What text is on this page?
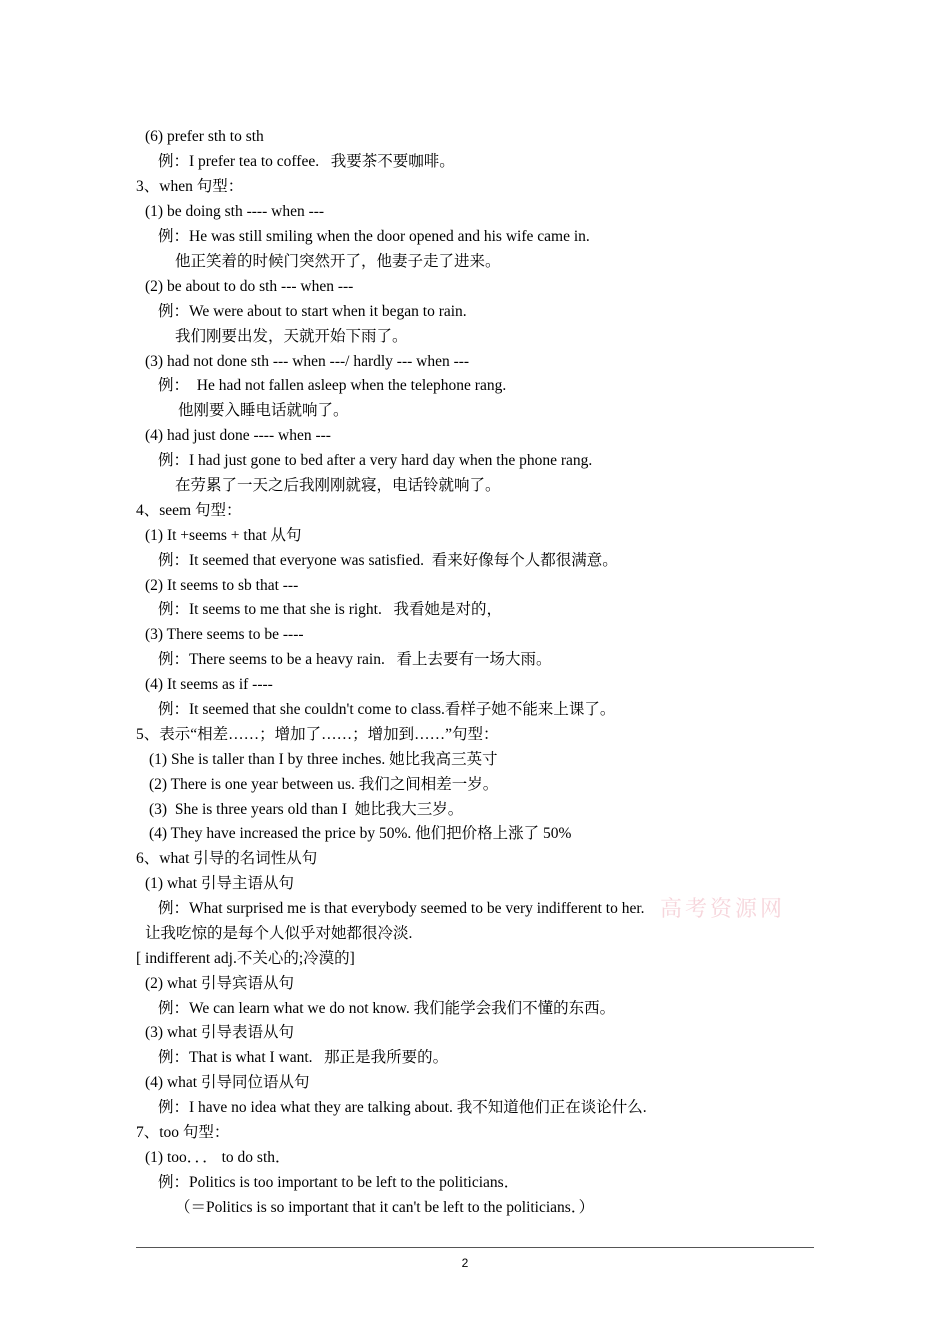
(6) prefer sth to sth
例：I prefer tea to coffee.   我要茶不要咖啡。
3、when 句型：
(1) be doing sth ---- when ---
例：He was still smiling when the door opened and his wife came in.
他正笑着的时候门突然开了，他妻子走了进来。
(2) be about to do sth --- when ---
例：We were about to start when it began to rain.
我们刚要出发，天就开始下雨了。
(3) had not done sth --- when ---/ hardly --- when ---
例：  He had not fallen asleep when the telephone rang.
他刚要入睡电话就响了。
(4) had just done ---- when ---
例：I had just gone to bed after a very hard day when the phone rang.
在劳累了一天之后我刚刚就寝，电话铃就响了。
4、seem 句型：
(1) It +seems + that 从句
例：It seemed that everyone was satisfied.  看来好像每个人都很满意。
(2) It seems to sb that ---
例：It seems to me that she is right.   我看她是对的，
(3) There seems to be ----
例：There seems to be a heavy rain.   看上去要有一场大雨。
(4) It seems as if ----
例：It seemed that she couldn't come to class.看样子她不能来上课了。
5、表示“相差……；增加了……；增加到……”句型：
(1) She is taller than I by three inches. 她比我高三英寸
(2) There is one year between us. 我们之间相差一岁。
(3)  She is three years old than I  她比我大三岁。
(4) They have increased the price by 50%. 他们把价格上涨了 50%
6、what 引导的名词性从句
(1) what 引导主语从句
例：What surprised me is that everybody seemed to be very indifferent to her.
让我吃惊的是每个人似乎对她都很冷淡.
[ indifferent adj.不关心的;冷漠的]
(2) what 引导宾语从句
例：We can learn what we do not know. 我们能学会我们不懂的东西。
(3) what 引导表语从句
例：That is what I want.   那正是我所要的。
(4) what 引导同位语从句
例：I have no idea what they are talking about. 我不知道他们正在谈论什么.
7、too 句型：
(1) too．．． to do sth．
例：Politics is too important to be left to the politicians．
（＝Politics is so important that it can't be left to the politicians．）
高考资源网
2
